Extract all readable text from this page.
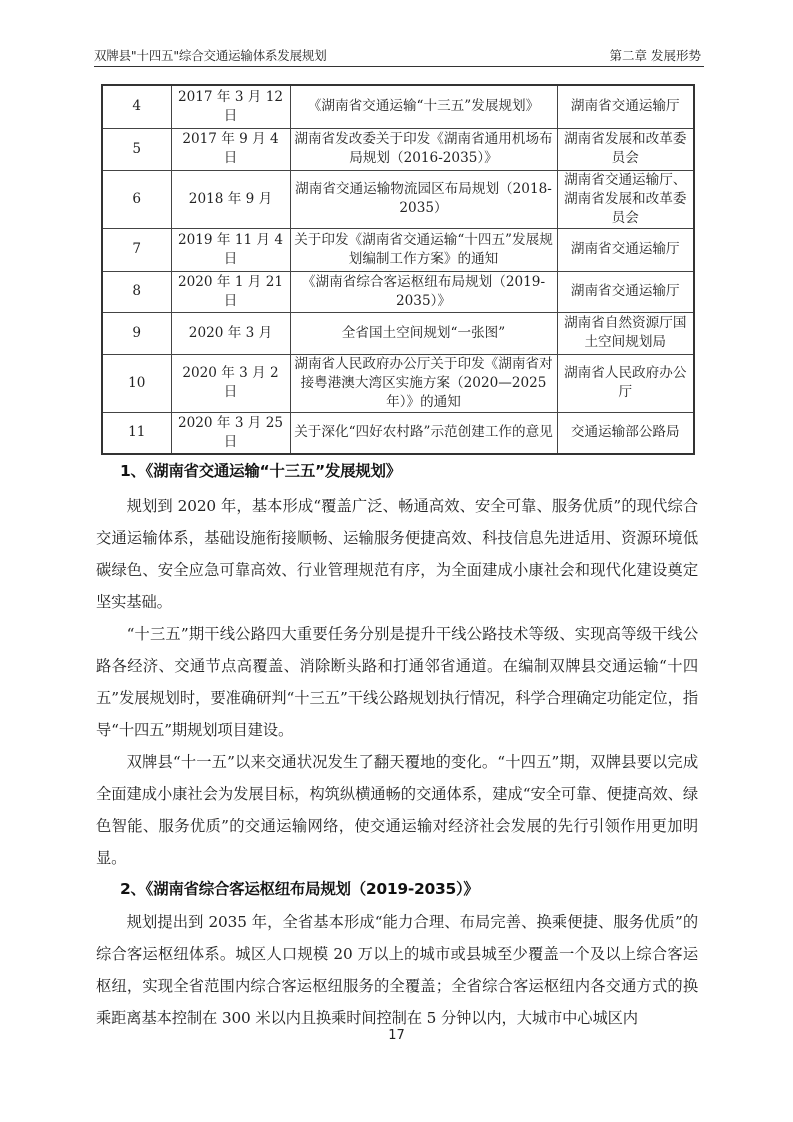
双牌县"十四五"综合交通运输体系发展规划	第二章 发展形势
4	2017 年 3 月 12 日	《湖南省交通运输“十三五”发展规划》	湖南省交通运输厅
5	2017 年 9 月 4 日	湖南省发改委关于印发《湖南省通用机场布局规划（2016-2035）》	湖南省发展和改革委员会
6	2018 年 9 月	湖南省交通运输物流园区布局规划（2018-2035）	湖南省交通运输厅、湖南省发展和改革委员会
7	2019 年 11 月 4 日	关于印发《湖南省交通运输“十四五”发展规划编制工作方案》的通知	湖南省交通运输厅
8	2020 年 1 月 21 日	《湖南省综合客运枢纽布局规划（2019-2035）》	湖南省交通运输厅
9	2020 年 3 月	全省国土空间规划“一张图”	湖南省自然资源厅国土空间规划局
10	2020 年 3 月 2 日	湖南省人民政府办公厅关于印发《湖南省对接粤港澳大湾区实施方案（2020—2025年）》的通知	湖南省人民政府办公厅
11	2020 年 3 月 25 日	关于深化“四好农村路”示范创建工作的意见	交通运输部公路局
1、《湖南省交通运输“十三五”发展规划》

规划到 2020 年，基本形成“覆盖广泛、畅通高效、安全可靠、服务优质”的现代综合交通运输体系，基础设施衔接顺畅、运输服务便捷高效、科技信息先进适用、资源环境低碳绿色、安全应急可靠高效、行业管理规范有序，为全面建成小康社会和现代化建设奠定坚实基础。

“十三五”期干线公路四大重要任务分别是提升干线公路技术等级、实现高等级干线公路各经济、交通节点高覆盖、消除断头路和打通邻省通道。在编制双牌县交通运输“十四五”发展规划时，要准确研判“十三五”干线公路规划执行情况，科学合理确定功能定位，指导“十四五”期规划项目建设。

双牌县“十一五”以来交通状况发生了翻天覆地的变化。“十四五”期，双牌县要以完成全面建成小康社会为发展目标，构筑纵横通畅的交通体系，建成“安全可靠、便捷高效、绿色智能、服务优质”的交通运输网络，使交通运输对经济社会发展的先行引领作用更加明显。

2、《湖南省综合客运枢纽布局规划（2019-2035）》

规划提出到 2035 年，全省基本形成“能力合理、布局完善、换乘便捷、服务优质”的综合客运枢纽体系。城区人口规模 20 万以上的城市或县城至少覆盖一个及以上综合客运枢纽，实现全省范围内综合客运枢纽服务的全覆盖；全省综合客运枢纽内各交通方式的换乘距离基本控制在 300 米以内且换乘时间控制在 5 分钟以内，大城市中心城区内

17
